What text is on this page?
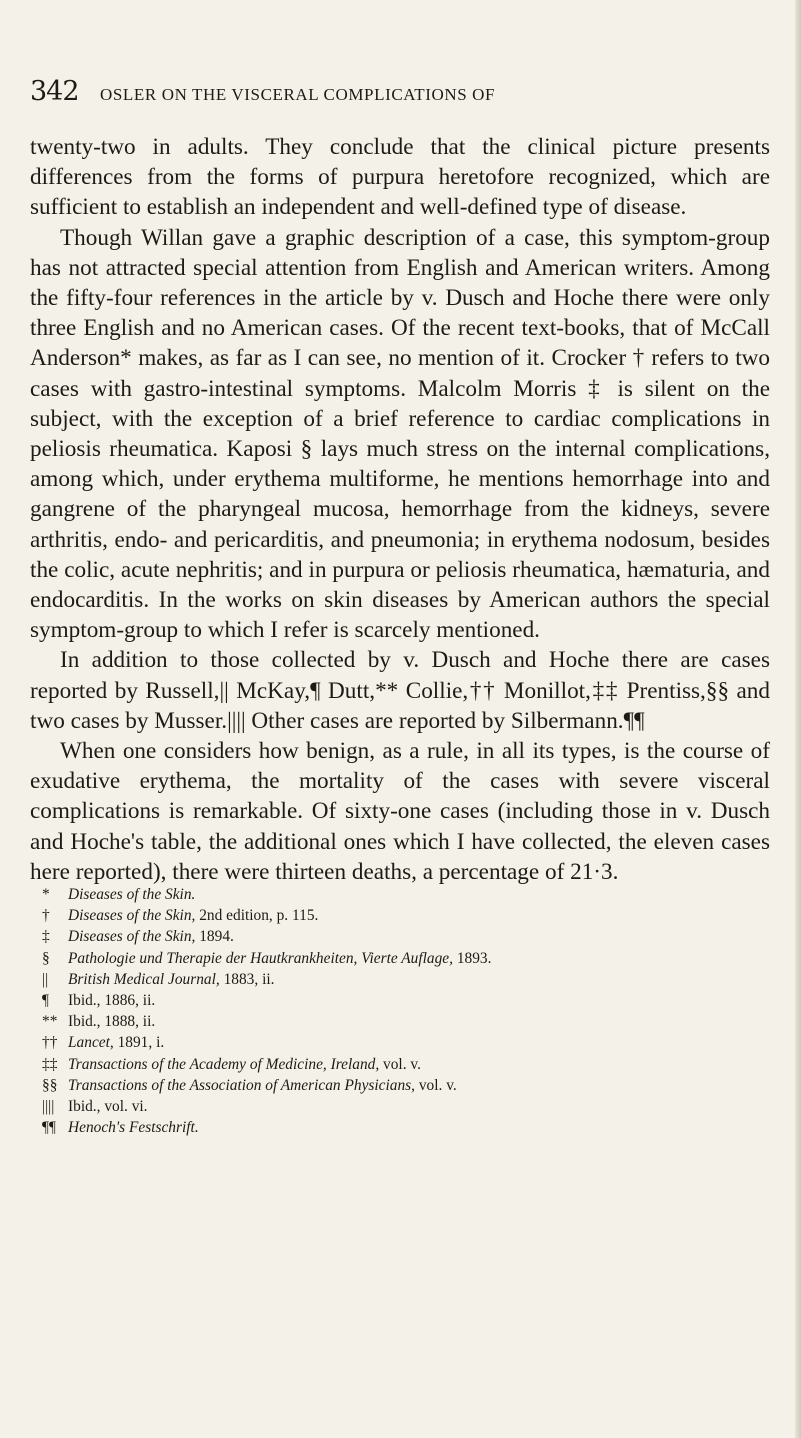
342 OSLER ON THE VISCERAL COMPLICATIONS OF

twenty-two in adults. They conclude that the clinical picture presents differences from the forms of purpura heretofore recognized, which are sufficient to establish an independent and well-defined type of disease.

Though Willan gave a graphic description of a case, this symptom-group has not attracted special attention from English and American writers. Among the fifty-four references in the article by v. Dusch and Hoche there were only three English and no American cases. Of the recent text-books, that of McCall Anderson* makes, as far as I can see, no mention of it. Crocker † refers to two cases with gastro-intestinal symptoms. Malcolm Morris ‡ is silent on the subject, with the exception of a brief reference to cardiac complications in peliosis rheumatica. Kaposi § lays much stress on the internal complications, among which, under erythema multiforme, he mentions hemorrhage into and gangrene of the pharyngeal mucosa, hemorrhage from the kidneys, severe arthritis, endo- and pericarditis, and pneumonia; in erythema nodosum, besides the colic, acute nephritis; and in purpura or peliosis rheumatica, hæmaturia, and endocarditis. In the works on skin diseases by American authors the special symptom-group to which I refer is scarcely mentioned.

In addition to those collected by v. Dusch and Hoche there are cases reported by Russell,|| McKay,¶ Dutt,** Collie,†† Monillot,‡‡ Prentiss,§§ and two cases by Musser.|||| Other cases are reported by Silbermann.¶¶

When one considers how benign, as a rule, in all its types, is the course of exudative erythema, the mortality of the cases with severe visceral complications is remarkable. Of sixty-one cases (including those in v. Dusch and Hoche's table, the additional ones which I have collected, the eleven cases here reported), there were thirteen deaths, a percentage of 21·3.

* Diseases of the Skin.
† Diseases of the Skin, 2nd edition, p. 115.
‡ Diseases of the Skin, 1894.
§ Pathologie und Therapie der Hautkrankheiten, Vierte Auflage, 1893.
|| British Medical Journal, 1883, ii.
¶ Ibid., 1886, ii.
** Ibid., 1888, ii.
†† Lancet, 1891, i.
‡‡ Transactions of the Academy of Medicine, Ireland, vol. v.
§§ Transactions of the Association of American Physicians, vol. v.
|||| Ibid., vol. vi.
¶¶ Henoch's Festschrift.
